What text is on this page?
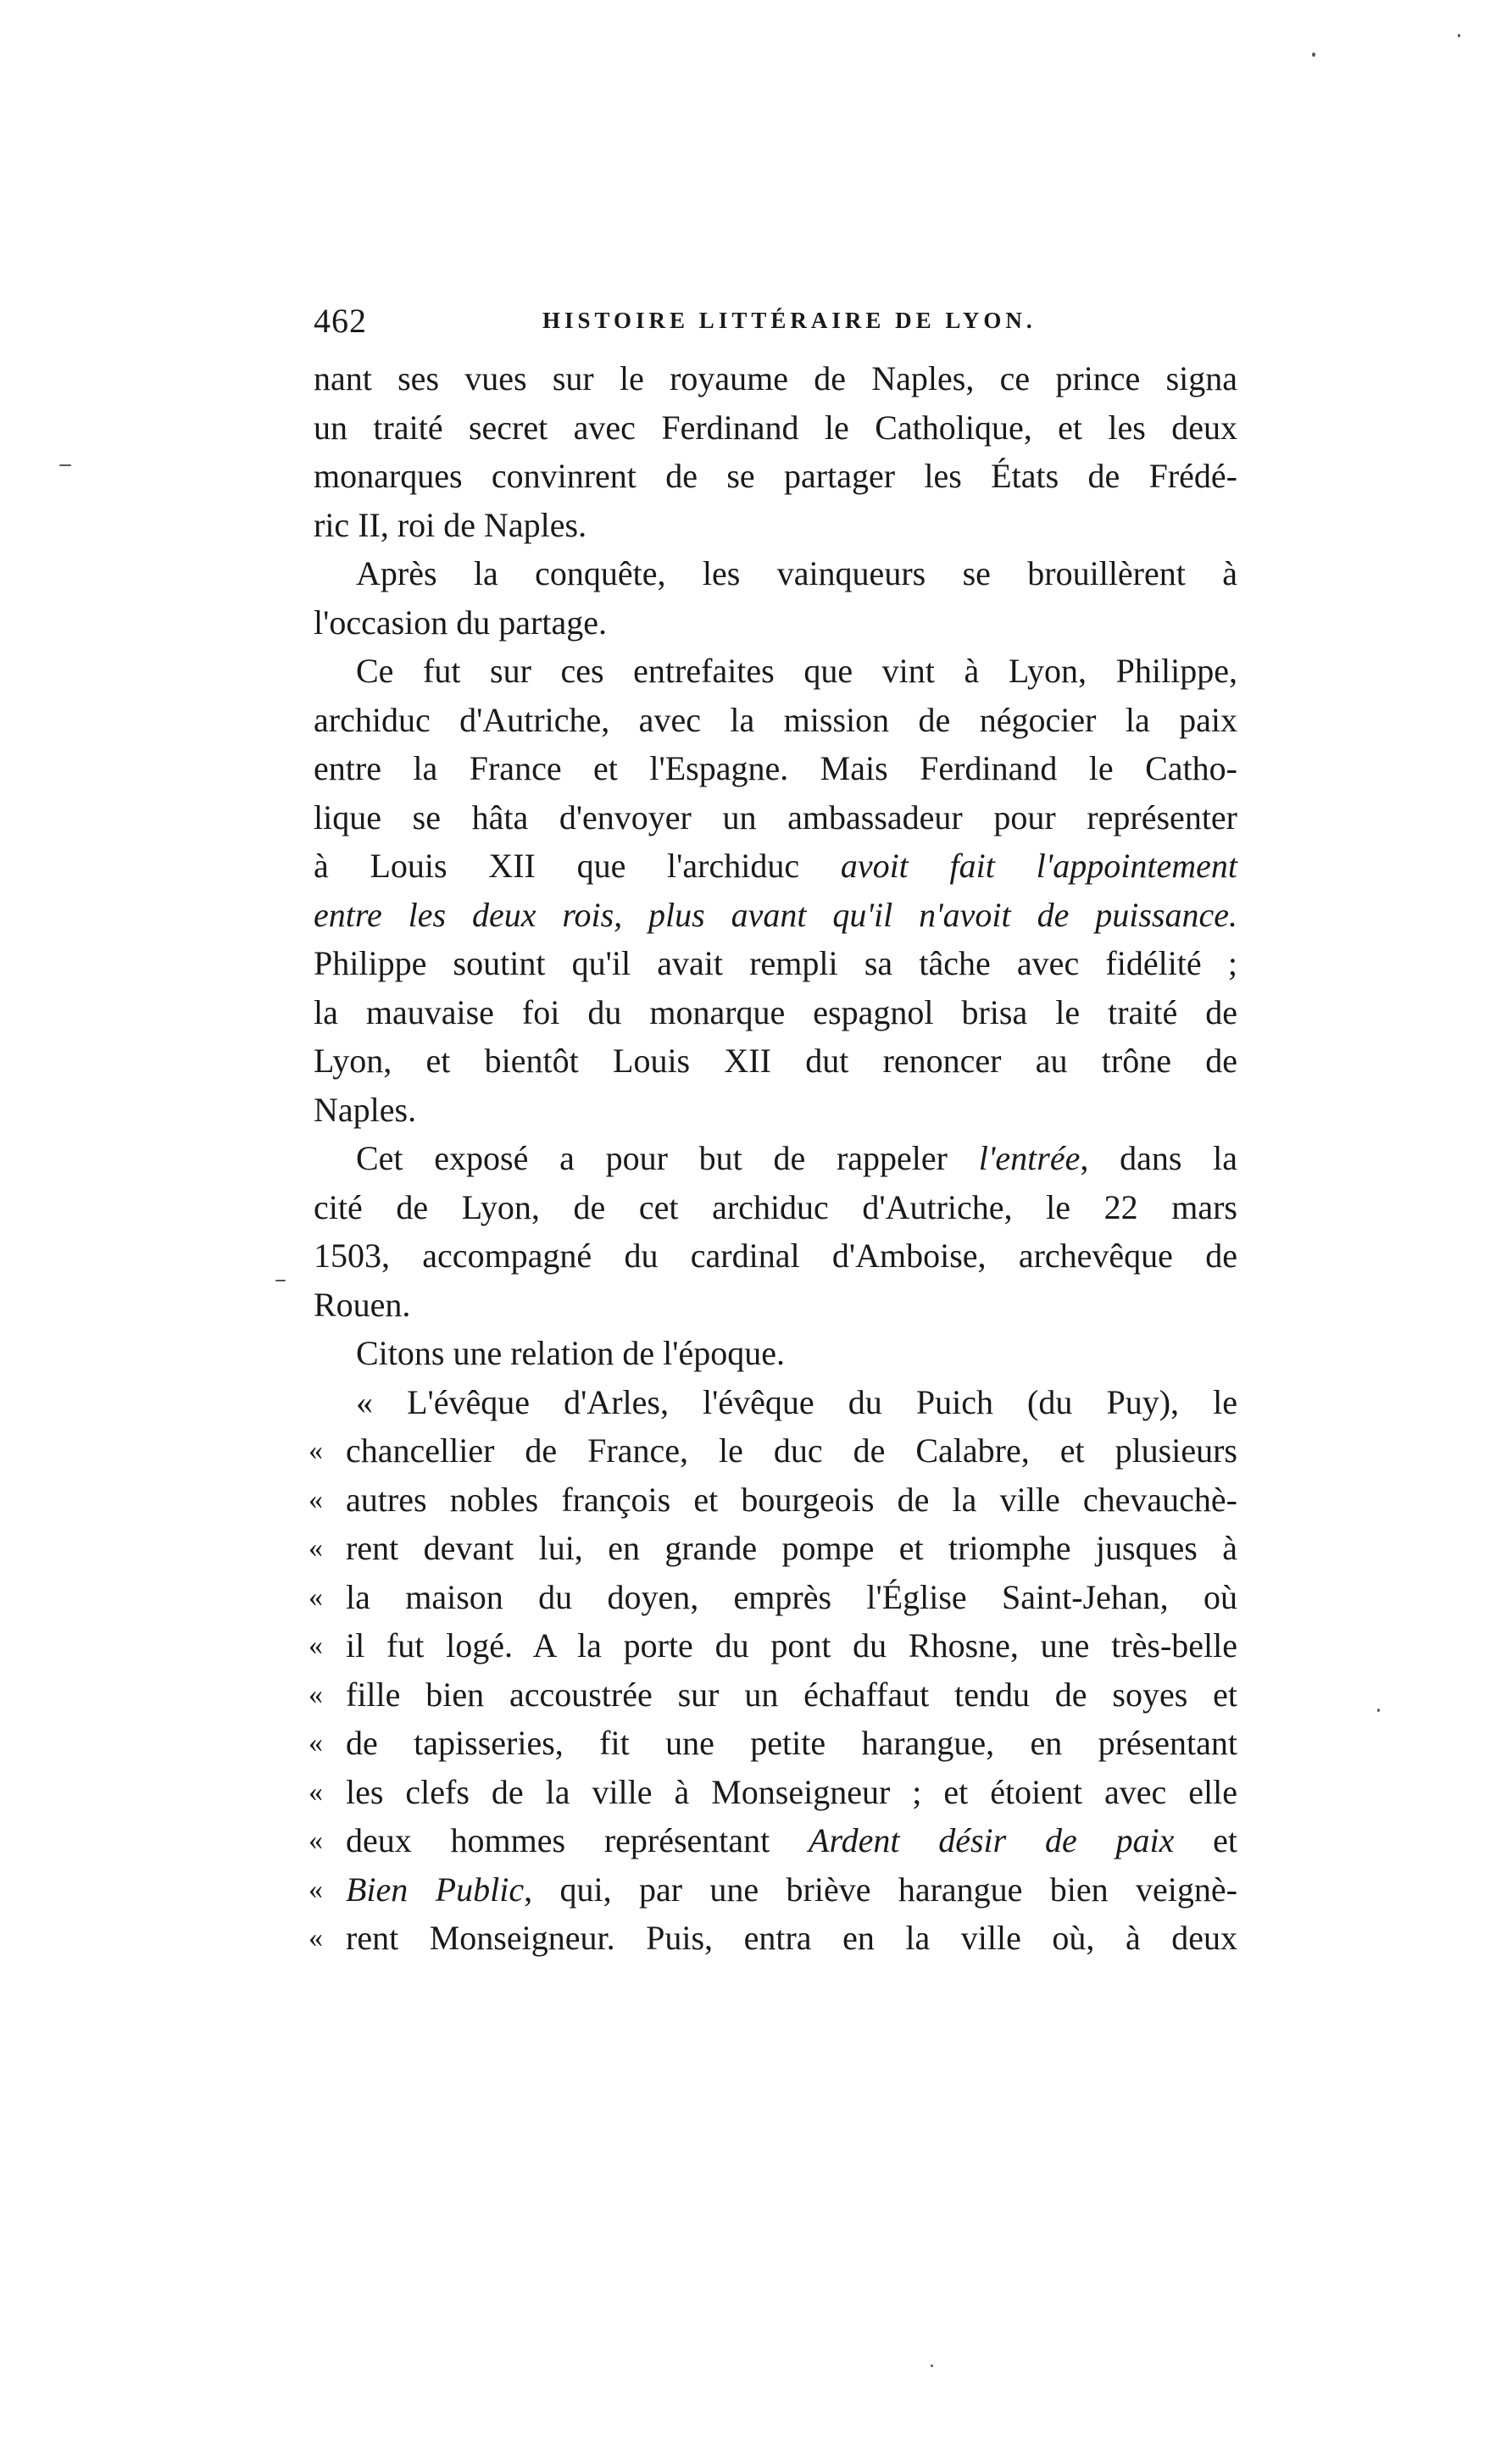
462	HISTOIRE LITTÉRAIRE DE LYON.
nant ses vues sur le royaume de Naples, ce prince signa
un traité secret avec Ferdinand le Catholique, et les deux
monarques convinrent de se partager les États de Frédé-
ric II, roi de Naples.
Après la conquête, les vainqueurs se brouillèrent à
l'occasion du partage.
Ce fut sur ces entrefaites que vint à Lyon, Philippe,
archiduc d'Autriche, avec la mission de négocier la paix
entre la France et l'Espagne. Mais Ferdinand le Catho-
lique se hâta d'envoyer un ambassadeur pour représenter
à Louis XII que l'archiduc avoit fait l'appointement
entre les deux rois, plus avant qu'il n'avoit de puissance.
Philippe soutint qu'il avait rempli sa tâche avec fidélité ;
la mauvaise foi du monarque espagnol brisa le traité de
Lyon, et bientôt Louis XII dut renoncer au trône de
Naples.
Cet exposé a pour but de rappeler l'entrée, dans la
cité de Lyon, de cet archiduc d'Autriche, le 22 mars
1503, accompagné du cardinal d'Amboise, archevêque de
Rouen.
Citons une relation de l'époque.
« L'évêque d'Arles, l'évêque du Puich (du Puy), le
« chancellier de France, le duc de Calabre, et plusieurs
« autres nobles françois et bourgeois de la ville chevauchè-
« rent devant lui, en grande pompe et triomphe jusques à
« la maison du doyen, emprès l'Église Saint-Jehan, où
« il fut logé. A la porte du pont du Rhosne, une très-belle
« fille bien accoustrée sur un échaffaut tendu de soyes et
« de tapisseries, fit une petite harangue, en présentant
« les clefs de la ville à Monseigneur ; et étoient avec elle
« deux hommes représentant Ardent désir de paix et
« Bien Public, qui, par une briève harangue bien veignè-
« rent Monseigneur. Puis, entra en la ville où, à deux
